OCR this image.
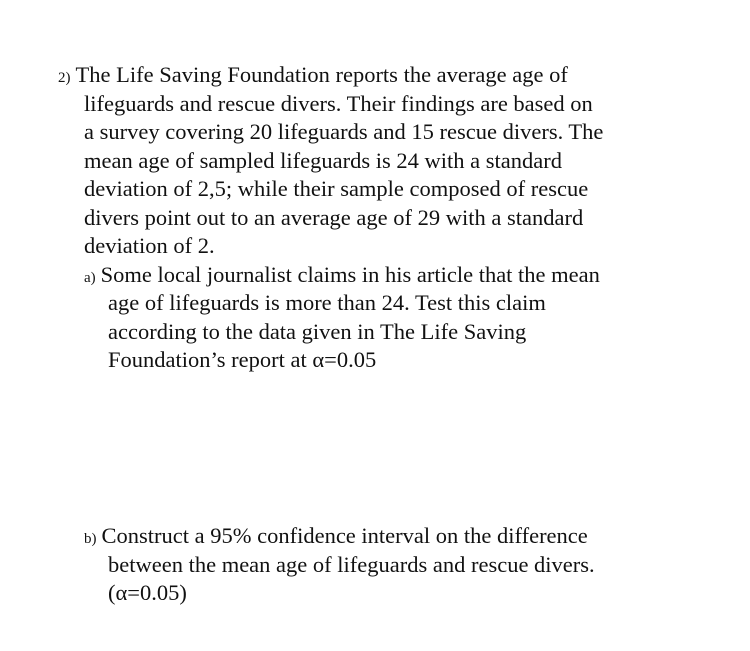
2) The Life Saving Foundation reports the average age of
lifeguards and rescue divers. Their findings are based on
a survey covering 20 lifeguards and 15 rescue divers. The
mean age of sampled lifeguards is 24 with a standard
deviation of 2,5; while their sample composed of rescue
divers point out to an average age of 29 with a standard
deviation of 2.
a) Some local journalist claims in his article that the mean
age of lifeguards is more than 24. Test this claim
according to the data given in The Life Saving
Foundation’s report at α=0.05
b) Construct a 95% confidence interval on the difference
between the mean age of lifeguards and rescue divers.
(α=0.05)
